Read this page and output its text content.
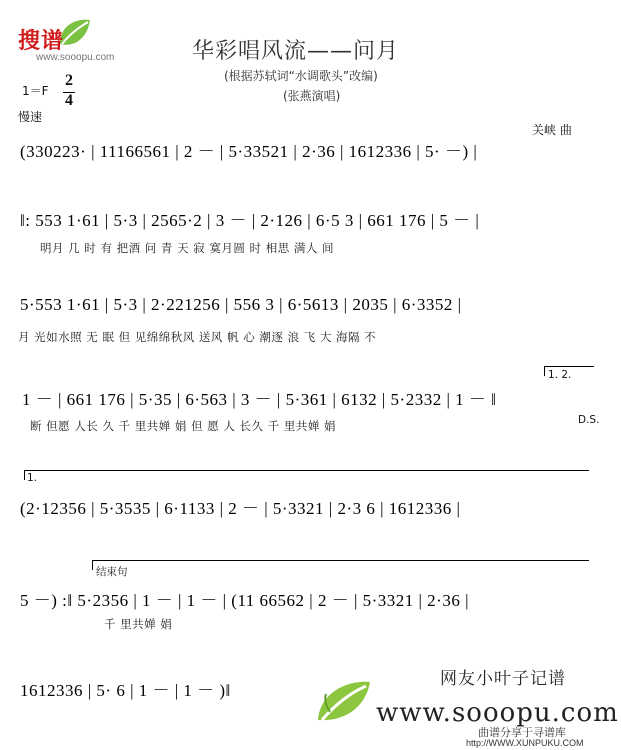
搜谱
www.sooopu.com	华彩唱风流——问月
(根据苏轼词“水调歌头”改编)
(张燕演唱)
1＝F
2
4
慢速
关峡 曲
(330223· | 11166561 | 2 － | 5·33521 | 2·36 | 1612336 | 5· －) |
‖: 553 1·61 | 5·3 | 2565·2 | 3 － | 2·126 | 6·5 3 | 661 176 | 5 － |
明月 几 时 有 把酒 问 青 天 寂 寞月圆 时 相思 满人 间
5·553 1·61 | 5·3 | 2·221256 | 556 3 | 6·5613 | 2035 | 6·3352 |
月 光如水照 无 眠 但 见绵绵秋风 送风 帆 心 潮逐 浪 飞 大 海隔 不
1. 2.
1 － | 661 176 | 5·35 | 6·563 | 3 － | 5·361 | 6132 | 5·2332 | 1 － ‖
断 但愿 人长 久 千 里共婵 娟 但 愿 人 长久 千 里共婵 娟	D.S.
1.
(2·12356 | 5·3535 | 6·1133 | 2 － | 5·3321 | 2·3 6 | 1612336 |
结束句
5 －) :‖ 5·2356 | 1 － | 1 － | (11 66562 | 2 － | 5·3321 | 2·36 |
千 里共婵 娟
1612336 | 5· 6 | 1 － | 1 － )‖
网友小叶子记谱
www.sooopu.com
曲谱分享于寻谱库
http://WWW.XUNPUKU.COM
